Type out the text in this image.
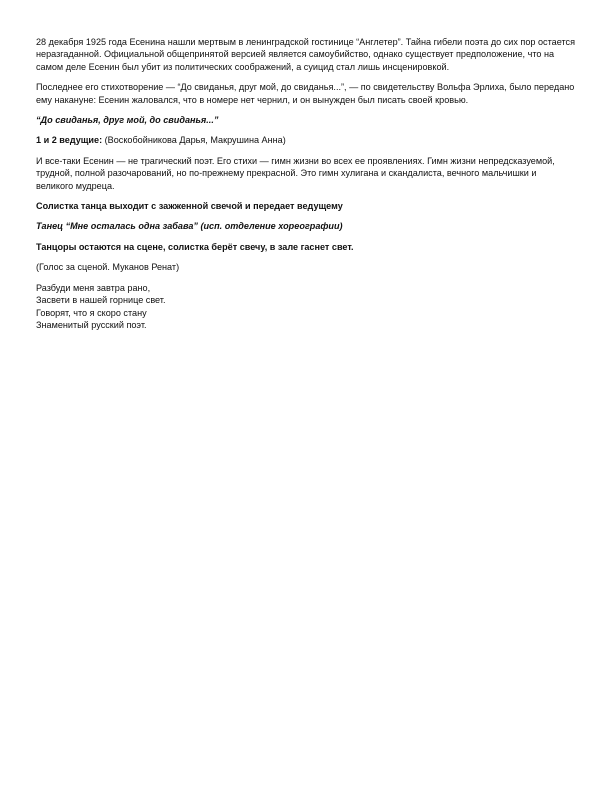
28 декабря 1925 года Есенина нашли мертвым в ленинградской гостинице “Англетер”. Тайна гибели поэта до сих пор остается неразгаданной. Официальной общепринятой версией является самоубийство, однако существует предположение, что на самом деле Есенин был убит из политических соображений, а суицид стал лишь инсценировкой.

Последнее его стихотворение — “До свиданья, друг мой, до свиданья...”, — по свидетельству Вольфа Эрлиха, было передано ему накануне: Есенин жаловался, что в номере нет чернил, и он вынужден был писать своей кровью.

“До свиданья, друг мой, до свиданья...”

1 и 2 ведущие: (Воскобойникова Дарья, Макрушина Анна)

И все-таки Есенин — не трагический поэт. Его стихи — гимн жизни во всех ее проявлениях. Гимн жизни непредсказуемой, трудной, полной разочарований, но по-прежнему прекрасной. Это гимн хулигана и скандалиста, вечного мальчишки и великого мудреца.

Солистка танца выходит с зажженной свечой и передает ведущему

Танец “Мне осталась одна забава” (исп. отделение хореографии)

Танцоры остаются на сцене, солистка берёт свечу, в зале гаснет свет.

(Голос за сценой. Муканов Ренат)

Разбуди меня завтра рано,
Засвети в нашей горнице свет.
Говорят, что я скоро стану
Знаменитый русский поэт.
